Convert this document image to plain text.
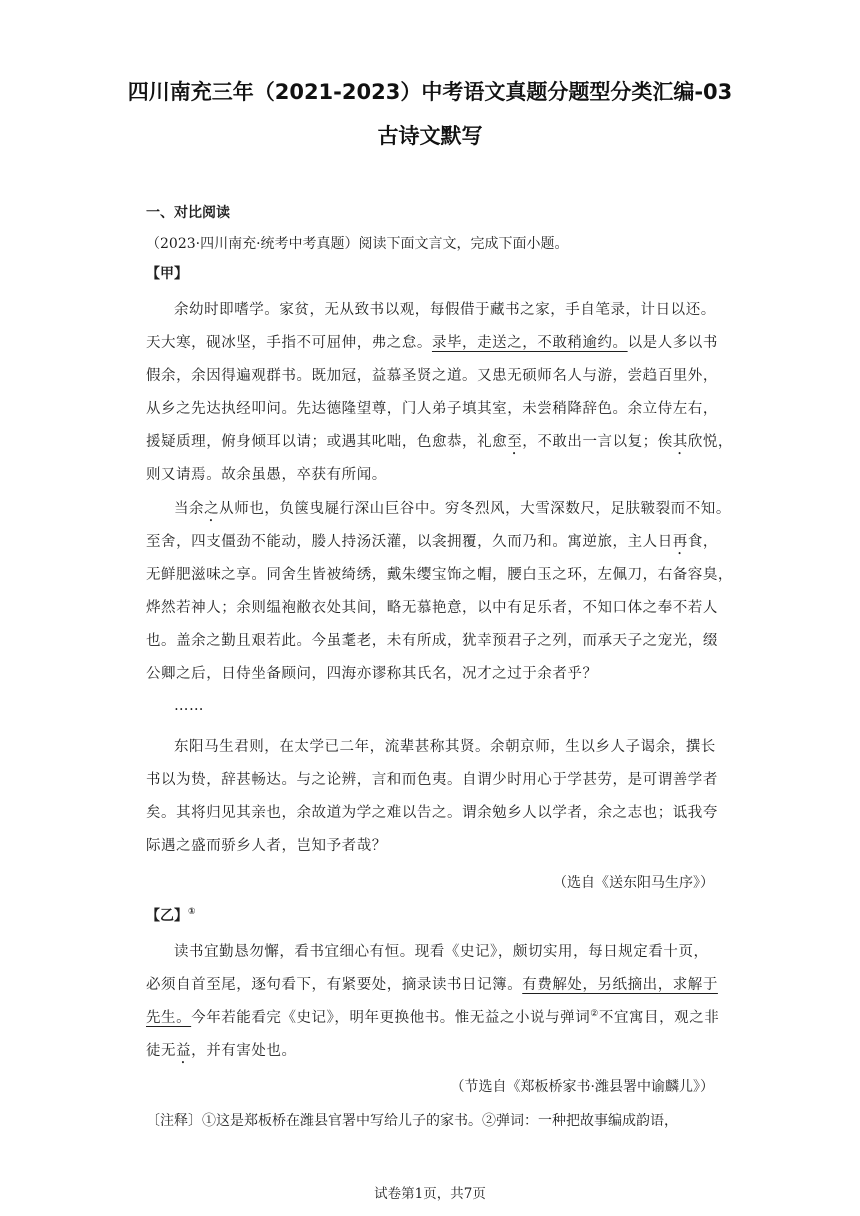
四川南充三年（2021-2023）中考语文真题分题型分类汇编-03
古诗文默写
一、对比阅读
（2023·四川南充·统考中考真题）阅读下面文言文，完成下面小题。
【甲】
余幼时即嗜学。家贫，无从致书以观，每假借于藏书之家，手自笔录，计日以还。
天大寒，砚冰坚，手指不可屈伸，弗之怠。录毕，走送之，不敢稍逾约。以是人多以书
假余，余因得遍观群书。既加冠，益慕圣贤之道。又患无硕师名人与游，尝趋百里外，
从乡之先达执经叩问。先达德隆望尊，门人弟子填其室，未尝稍降辞色。余立侍左右，
援疑质理，俯身倾耳以请；或遇其叱咄，色愈恭，礼愈至，不敢出一言以复；俟其欣悦，
则又请焉。故余虽愚，卒获有所闻。
当余之从师也，负箧曳屣行深山巨谷中。穷冬烈风，大雪深数尺，足肤皲裂而不知。
至舍，四支僵劲不能动，媵人持汤沃灌，以衾拥覆，久而乃和。寓逆旅，主人日再食，
无鲜肥滋味之享。同舍生皆被绮绣，戴朱缨宝饰之帽，腰白玉之环，左佩刀，右备容臭，
烨然若神人；余则缊袍敝衣处其间，略无慕艳意，以中有足乐者，不知口体之奉不若人
也。盖余之勤且艰若此。今虽耄老，未有所成，犹幸预君子之列，而承天子之宠光，缀
公卿之后，日侍坐备顾问，四海亦谬称其氏名，况才之过于余者乎？
……
东阳马生君则，在太学已二年，流辈甚称其贤。余朝京师，生以乡人子谒余，撰长
书以为贽，辞甚畅达。与之论辨，言和而色夷。自谓少时用心于学甚劳，是可谓善学者
矣。其将归见其亲也，余故道为学之难以告之。谓余勉乡人以学者，余之志也；诋我夸
际遇之盛而骄乡人者，岂知予者哉？
（选自《送东阳马生序》）
【乙】①
读书宜勤恳勿懈，看书宜细心有恒。现看《史记》，颇切实用，每日规定看十页，
必须自首至尾，逐句看下，有紧要处，摘录读书日记簿。有费解处，另纸摘出，求解于
先生。今年若能看完《史记》，明年更换他书。惟无益之小说与弹词②不宜寓目，观之非
徒无益，并有害处也。
（节选自《郑板桥家书·潍县署中谕麟儿》）
〔注释〕①这是郑板桥在潍县官署中写给儿子的家书。②弹词：一种把故事编成韵语，
试卷第1页，共7页
